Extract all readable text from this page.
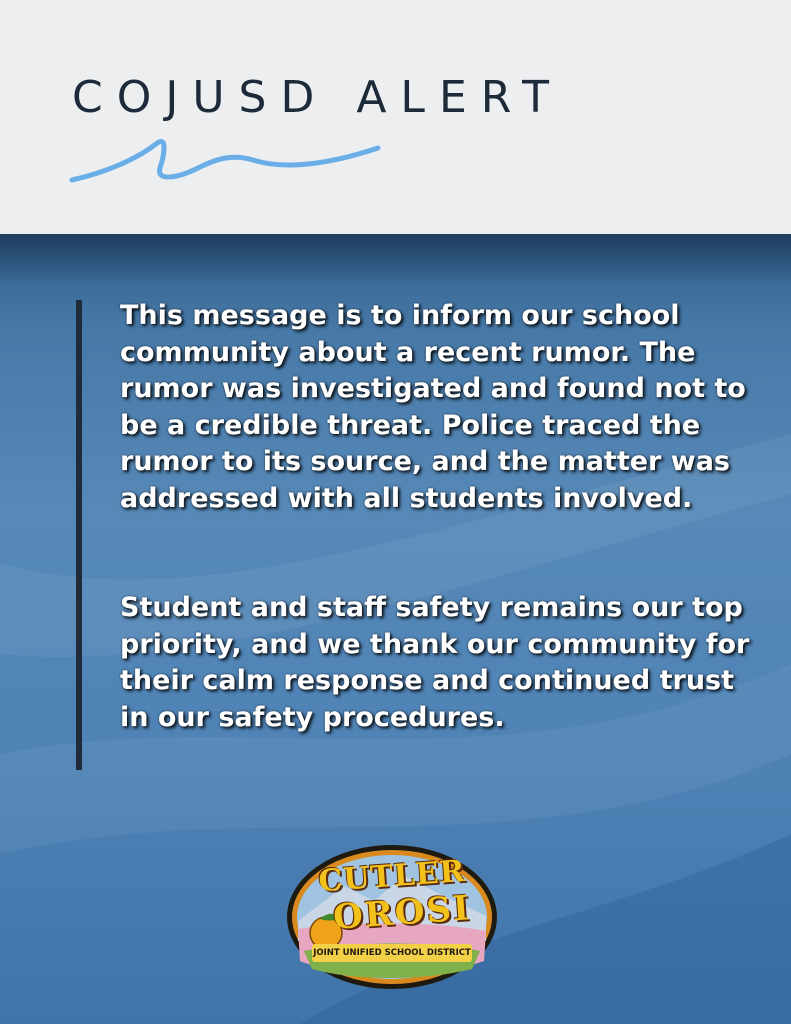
COJUSD ALERT

This message is to inform our school community about a recent rumor. The rumor was investigated and found not to be a credible threat. Police traced the rumor to its source, and the matter was addressed with all students involved.

Student and staff safety remains our top priority, and we thank our community for their calm response and continued trust in our safety procedures.

CUTLER
OROSI
JOINT UNIFIED SCHOOL DISTRICT
